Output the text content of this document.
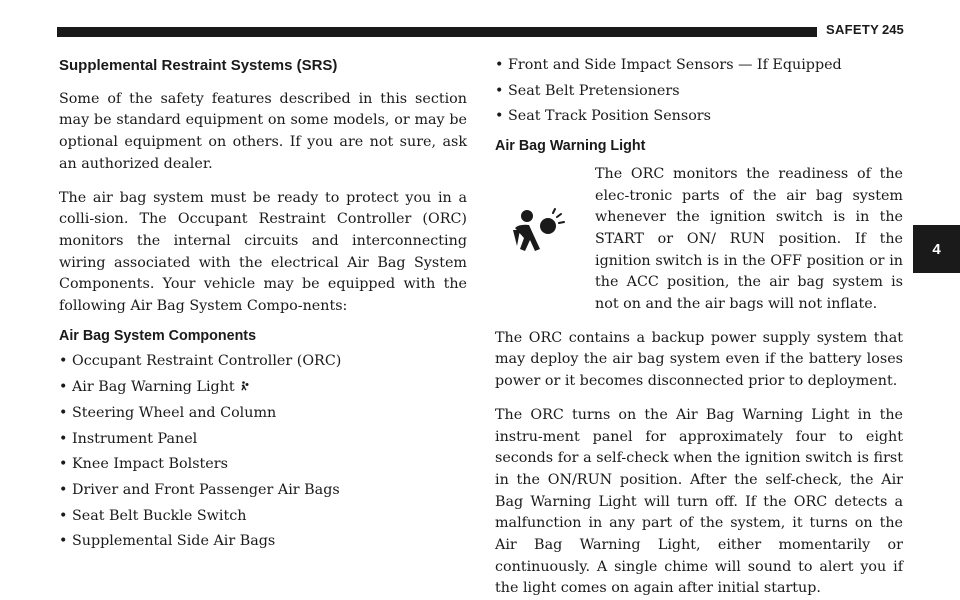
SAFETY 245
4
Supplemental Restraint Systems (SRS)

Some of the safety features described in this section may be standard equipment on some models, or may be optional equipment on others. If you are not sure, ask an authorized dealer.

The air bag system must be ready to protect you in a colli-sion. The Occupant Restraint Controller (ORC) monitors the internal circuits and interconnecting wiring associated with the electrical Air Bag System Components. Your vehicle may be equipped with the following Air Bag System Compo-nents:

Air Bag System Components
• Occupant Restraint Controller (ORC)
• Air Bag Warning Light
• Steering Wheel and Column
• Instrument Panel
• Knee Impact Bolsters
• Driver and Front Passenger Air Bags
• Seat Belt Buckle Switch
• Supplemental Side Air Bags
• Front and Side Impact Sensors — If Equipped
• Seat Belt Pretensioners
• Seat Track Position Sensors
Air Bag Warning Light

The ORC monitors the readiness of the elec-tronic parts of the air bag system whenever the ignition switch is in the START or ON/ RUN position. If the ignition switch is in the OFF position or in the ACC position, the air bag system is not on and the air bags will not inflate.

The ORC contains a backup power supply system that may deploy the air bag system even if the battery loses power or it becomes disconnected prior to deployment.

The ORC turns on the Air Bag Warning Light in the instru-ment panel for approximately four to eight seconds for a self-check when the ignition switch is first in the ON/RUN position. After the self-check, the Air Bag Warning Light will turn off. If the ORC detects a malfunction in any part of the system, it turns on the Air Bag Warning Light, either momentarily or continuously. A single chime will sound to alert you if the light comes on again after initial startup.
